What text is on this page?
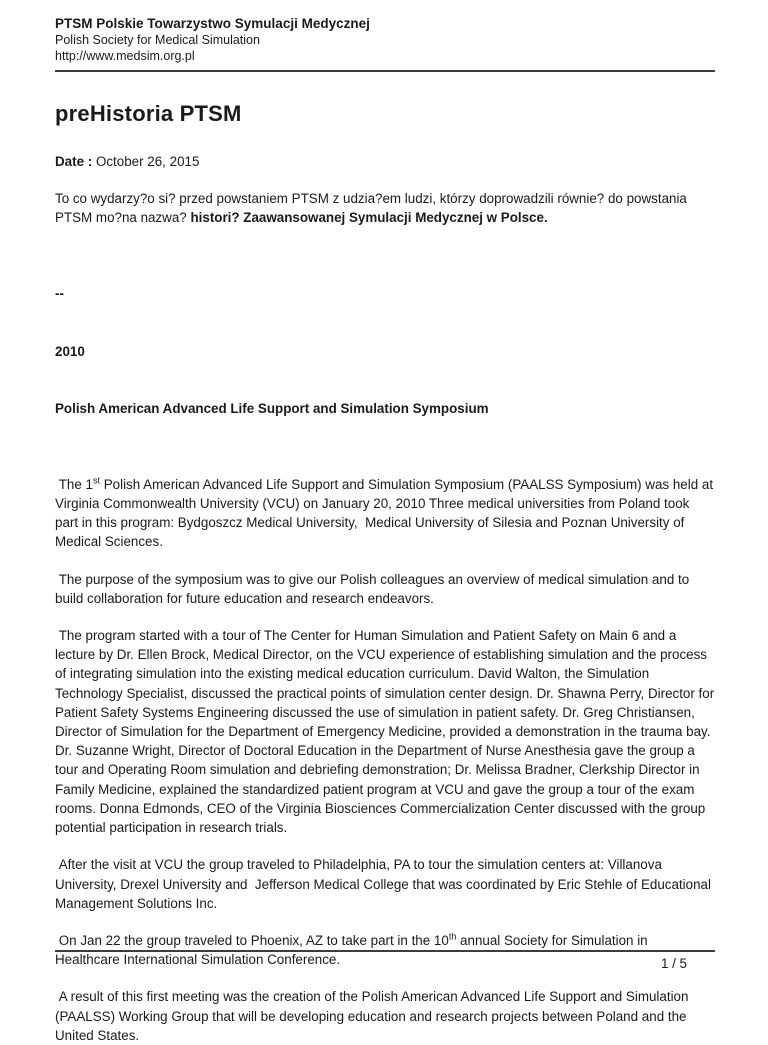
PTSM Polskie Towarzystwo Symulacji Medycznej
Polish Society for Medical Simulation
http://www.medsim.org.pl
preHistoria PTSM
Date : October 26, 2015

To co wydarzy?o si? przed powstaniem PTSM z udzia?em ludzi, którzy doprowadzili równie? do powstania PTSM mo?na nazwa? histori? Zaawansowanej Symulacji Medycznej w Polsce.

--

2010

Polish American Advanced Life Support and Simulation Symposium

The 1st Polish American Advanced Life Support and Simulation Symposium (PAALSS Symposium) was held at Virginia Commonwealth University (VCU) on January 20, 2010 Three medical universities from Poland took part in this program: Bydgoszcz Medical University,  Medical University of Silesia and Poznan University of Medical Sciences.

The purpose of the symposium was to give our Polish colleagues an overview of medical simulation and to build collaboration for future education and research endeavors.

The program started with a tour of The Center for Human Simulation and Patient Safety on Main 6 and a lecture by Dr. Ellen Brock, Medical Director, on the VCU experience of establishing simulation and the process of integrating simulation into the existing medical education curriculum. David Walton, the Simulation Technology Specialist, discussed the practical points of simulation center design. Dr. Shawna Perry, Director for Patient Safety Systems Engineering discussed the use of simulation in patient safety. Dr. Greg Christiansen, Director of Simulation for the Department of Emergency Medicine, provided a demonstration in the trauma bay. Dr. Suzanne Wright, Director of Doctoral Education in the Department of Nurse Anesthesia gave the group a tour and Operating Room simulation and debriefing demonstration; Dr. Melissa Bradner, Clerkship Director in Family Medicine, explained the standardized patient program at VCU and gave the group a tour of the exam rooms. Donna Edmonds, CEO of the Virginia Biosciences Commercialization Center discussed with the group potential participation in research trials.

After the visit at VCU the group traveled to Philadelphia, PA to tour the simulation centers at: Villanova University, Drexel University and  Jefferson Medical College that was coordinated by Eric Stehle of Educational Management Solutions Inc.

On Jan 22 the group traveled to Phoenix, AZ to take part in the 10th annual Society for Simulation in Healthcare International Simulation Conference.

A result of this first meeting was the creation of the Polish American Advanced Life Support and Simulation (PAALSS) Working Group that will be developing education and research projects between Poland and the United States.

1 / 5
